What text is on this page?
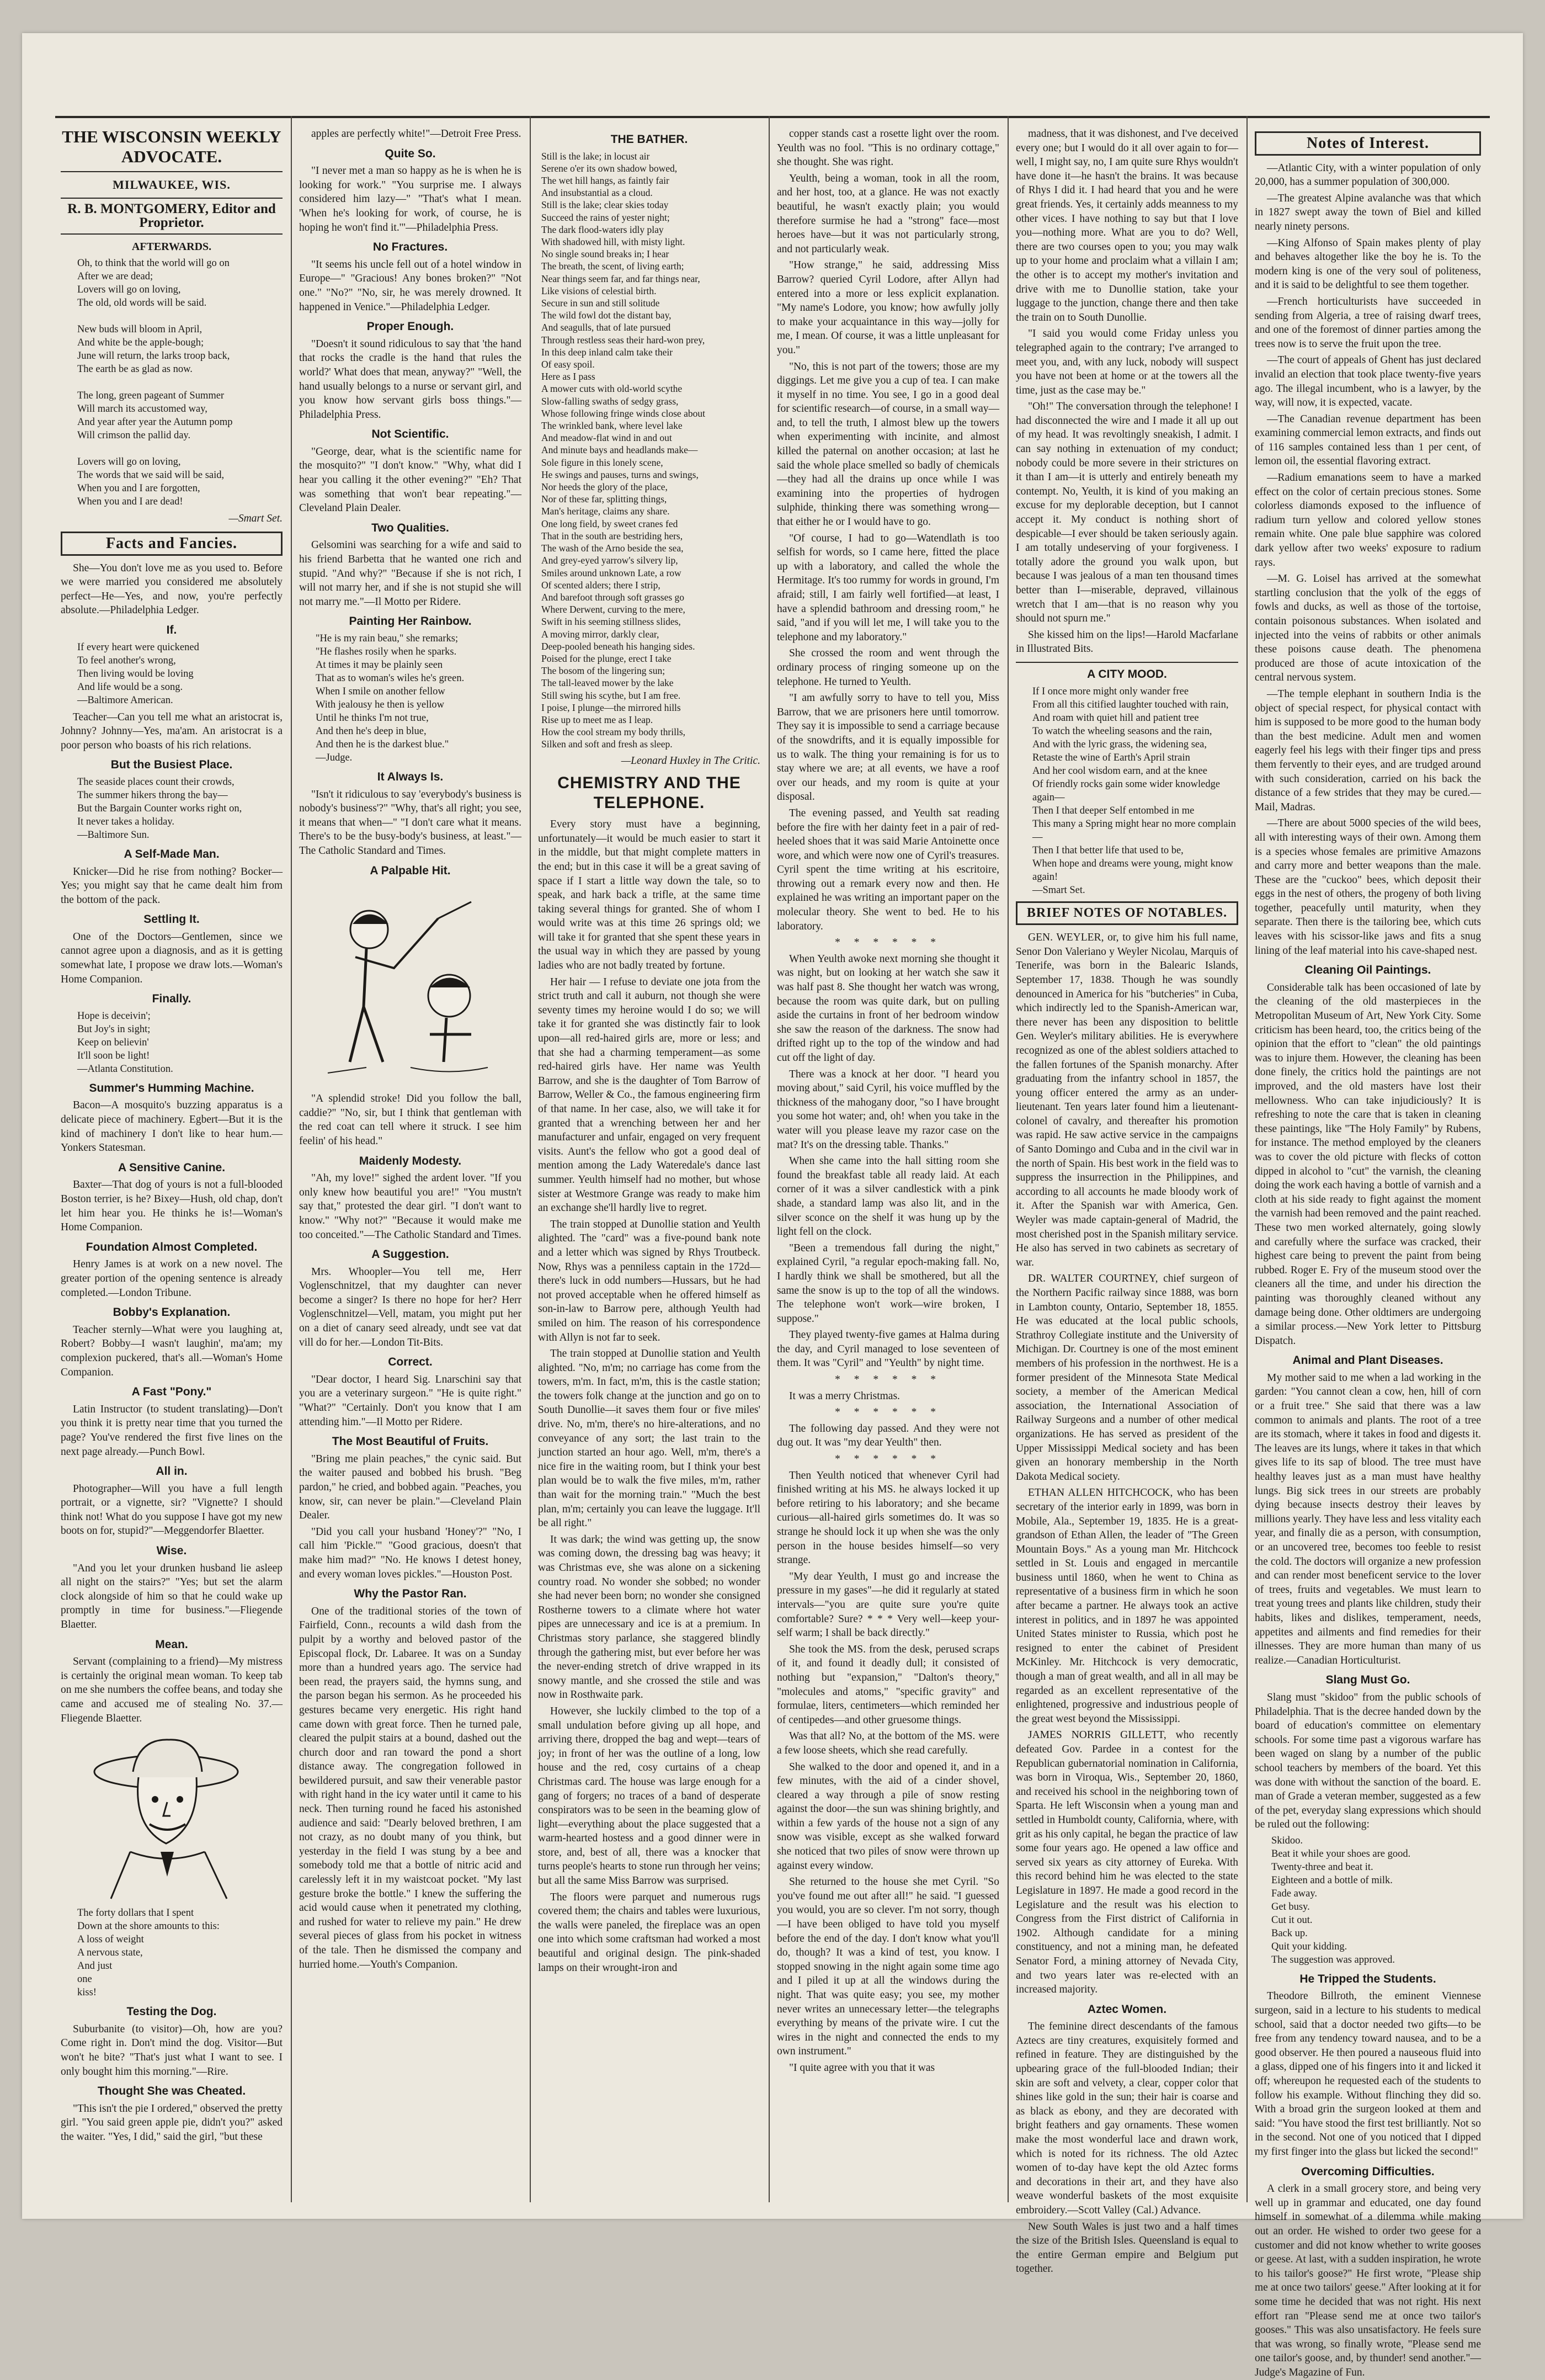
THE WISCONSIN WEEKLY ADVOCATE.
MILWAUKEE, WIS.
R. B. MONTGOMERY, Editor and Proprietor.
AFTERWARDS.

Oh, to think that the world will go on
After we are dead;
Lovers will go on loving,
The old, old words will be said.

New buds will bloom in April,
And white be the apple-bough;
June will return, the larks troop back,
The earth be as glad as now.

The long, green pageant of Summer
Will march its accustomed way,
And year after year the Autumn pomp
Will crimson the pallid day.

Lovers will go on loving,
The words that we said will be said,
When you and I are forgotten,
When you and I are dead!

—Smart Set.

Facts and Fancies.

She—You don't love me as you used to. Before we were married you considered me absolutely perfect—He—Yes, and now, you're perfectly absolute.—Philadelphia Ledger.

If.

If every heart were quickened
To feel another's wrong,
Then living would be loving
And life would be a song.
—Baltimore American.

Teacher—Can you tell me what an aristocrat is, Johnny? Johnny—Yes, ma'am. An aristocrat is a poor person who boasts of his rich relations.

But the Busiest Place.

The seaside places count their crowds,
The summer hikers throng the bay—
But the Bargain Counter works right on,
It never takes a holiday.
—Baltimore Sun.

A Self-Made Man.

Knicker—Did he rise from nothing? Bocker—Yes; you might say that he came dealt him from the bottom of the pack.

Settling It.

One of the Doctors—Gentlemen, since we cannot agree upon a diagnosis, and as it is getting somewhat late, I propose we draw lots.—Woman's Home Companion.

Finally.

Hope is deceivin';
But Joy's in sight;
Keep on believin'
It'll soon be light!
—Atlanta Constitution.

Summer's Humming Machine.

Bacon—A mosquito's buzzing apparatus is a delicate piece of machinery. Egbert—But it is the kind of machinery I don't like to hear hum.—Yonkers Statesman.

A Sensitive Canine.

Baxter—That dog of yours is not a full-blooded Boston terrier, is he? Bixey—Hush, old chap, don't let him hear you. He thinks he is!—Woman's Home Companion.

Foundation Almost Completed.

Henry James is at work on a new novel. The greater portion of the opening sentence is already completed.—London Tribune.

Bobby's Explanation.

Teacher sternly—What were you laughing at, Robert? Bobby—I wasn't laughin', ma'am; my complexion puckered, that's all.—Woman's Home Companion.

A Fast "Pony."

Latin Instructor (to student translating)—Don't you think it is pretty near time that you turned the page? You've rendered the first five lines on the next page already.—Punch Bowl.

All in.

Photographer—Will you have a full length portrait, or a vignette, sir? "Vignette? I should think not! What do you suppose I have got my new boots on for, stupid?"—Meggendorfer Blaetter.

Wise.

"And you let your drunken husband lie asleep all night on the stairs?" "Yes; but set the alarm clock alongside of him so that he could wake up promptly in time for business."—Fliegende Blaetter.

Mean.

Servant (complaining to a friend)—My mistress is certainly the original mean woman. To keep tab on me she numbers the coffee beans, and today she came and accused me of stealing No. 37.—Fliegende Blaetter.

The forty dollars that I spent
Down at the shore amounts to this:
A loss of weight
A nervous state,
And just
one
kiss!

Testing the Dog.

Suburbanite (to visitor)—Oh, how are you? Come right in. Don't mind the dog. Visitor—But won't he bite? "That's just what I want to see. I only bought him this morning."—Rire.

Thought She was Cheated.

"This isn't the pie I ordered," observed the pretty girl. "You said green apple pie, didn't you?" asked the waiter. "Yes, I did," said the girl, "but these

apples are perfectly white!"—Detroit Free Press.

Quite So.

"I never met a man so happy as he is when he is looking for work." "You surprise me. I always considered him lazy—" "That's what I mean. 'When he's looking for work, of course, he is hoping he won't find it.'"—Philadelphia Press.

No Fractures.

"It seems his uncle fell out of a hotel window in Europe—" "Gracious! Any bones broken?" "Not one." "No?" "No, sir, he was merely drowned. It happened in Venice."—Philadelphia Ledger.

Proper Enough.

"Doesn't it sound ridiculous to say that 'the hand that rocks the cradle is the hand that rules the world?' What does that mean, anyway?" "Well, the hand usually belongs to a nurse or servant girl, and you know how servant girls boss things."—Philadelphia Press.

Not Scientific.

"George, dear, what is the scientific name for the mosquito?" "I don't know." "Why, what did I hear you calling it the other evening?" "Eh? That was something that won't bear repeating."—Cleveland Plain Dealer.

Two Qualities.

Gelsomini was searching for a wife and said to his friend Barbetta that he wanted one rich and stupid. "And why?" "Because if she is not rich, I will not marry her, and if she is not stupid she will not marry me."—Il Motto per Ridere.

Painting Her Rainbow.

"He is my rain beau," she remarks;
"He flashes rosily when he sparks.
At times it may be plainly seen
That as to woman's wiles he's green.
When I smile on another fellow
With jealousy he then is yellow
Until he thinks I'm not true,
And then he's deep in blue,
And then he is the darkest blue."
—Judge.

It Always Is.

"Isn't it ridiculous to say 'everybody's business is nobody's business'?" "Why, that's all right; you see, it means that when—" "I don't care what it means. There's to be the busy-body's business, at least."—The Catholic Standard and Times.

A Palpable Hit.

"A splendid stroke! Did you follow the ball, caddie?" "No, sir, but I think that gentleman with the red coat can tell where it struck. I see him feelin' of his head."

Maidenly Modesty.

"Ah, my love!" sighed the ardent lover. "If you only knew how beautiful you are!" "You mustn't say that," protested the dear girl. "I don't want to know." "Why not?" "Because it would make me too conceited."—The Catholic Standard and Times.

A Suggestion.

Mrs. Whoopler—You tell me, Herr Voglenschnitzel, that my daughter can never become a singer? Is there no hope for her? Herr Voglenschnitzel—Vell, matam, you might put her on a diet of canary seed already, undt see vat dat vill do for her.—London Tit-Bits.

Correct.

"Dear doctor, I heard Sig. Lnarschini say that you are a veterinary surgeon." "He is quite right." "What?" "Certainly. Don't you know that I am attending him."—Il Motto per Ridere.

The Most Beautiful of Fruits.

"Bring me plain peaches," the cynic said. But the waiter paused and bobbed his brush. "Beg pardon," he cried, and bobbed again. "Peaches, you know, sir, can never be plain."—Cleveland Plain Dealer.

"Did you call your husband 'Honey'?" "No, I call him 'Pickle.'" "Good gracious, doesn't that make him mad?" "No. He knows I detest honey, and every woman loves pickles."—Houston Post.

Why the Pastor Ran.

One of the traditional stories of the town of Fairfield, Conn., recounts a wild dash from the pulpit by a worthy and beloved pastor of the Episcopal flock, Dr. Labaree. It was on a Sunday more than a hundred years ago. The service had been read, the prayers said, the hymns sung, and the parson began his sermon. As he proceeded his gestures became very energetic. His right hand came down with great force. Then he turned pale, cleared the pulpit stairs at a bound, dashed out the church door and ran toward the pond a short distance away. The congregation followed in bewildered pursuit, and saw their venerable pastor with right hand in the icy water until it came to his neck. Then turning round he faced his astonished audience and said: "Dearly beloved brethren, I am not crazy, as no doubt many of you think, but yesterday in the field I was stung by a bee and somebody told me that a bottle of nitric acid and carelessly left it in my waistcoat pocket. "My last gesture broke the bottle." I knew the suffering the acid would cause when it penetrated my clothing, and rushed for water to relieve my pain." He drew several pieces of glass from his pocket in witness of the tale. Then he dismissed the company and hurried home.—Youth's Companion.

THE BATHER.

Still is the lake; in locust air
Serene o'er its own shadow bowed,
The wet hill hangs, as faintly fair
And insubstantial as a cloud.
Still is the lake; clear skies today
Succeed the rains of yester night;
The dark flood-waters idly play
With shadowed hill, with misty light.
No single sound breaks in; I hear
The breath, the scent, of living earth;
Near things seem far, and far things near,
Like visions of celestial birth.
Secure in sun and still solitude
The wild fowl dot the distant bay,
And seagulls, that of late pursued
Through restless seas their hard-won prey,
In this deep inland calm take their
Of easy spoil.
Here as I pass
A mower cuts with old-world scythe
Slow-falling swaths of sedgy grass,
Whose following fringe winds close about
The wrinkled bank, where level lake
And meadow-flat wind in and out
And minute bays and headlands make—
Sole figure in this lonely scene,
He swings and pauses, turns and swings,
Nor heeds the glory of the place,
Nor of these far, splitting things,
Man's heritage, claims any share.
One long field, by sweet cranes fed
That in the south are bestriding hers,
The wash of the Arno beside the sea,
And grey-eyed yarrow's silvery lip,
Smiles around unknown Late, a row
Of scented alders; there I strip,
And barefoot through soft grasses go
Where Derwent, curving to the mere,
Swift in his seeming stillness slides,
A moving mirror, darkly clear,
Deep-pooled beneath his hanging sides.
Poised for the plunge, erect I take
The bosom of the lingering sun;
The tall-leaved mower by the lake
Still swing his scythe, but I am free.
I poise, I plunge—the mirrored hills
Rise up to meet me as I leap.
How the cool stream my body thrills,
Silken and soft and fresh as sleep.

—Leonard Huxley in The Critic.

CHEMISTRY AND THE TELEPHONE.

Every story must have a beginning, unfortunately—it would be much easier to start it in the middle, but that might complete matters in the end; but in this case it will be a great saving of space if I start a little way down the tale, so to speak, and hark back a trifle, at the same time taking several things for granted. She of whom I would write was at this time 26 springs old; we will take it for granted that she spent these years in the usual way in which they are passed by young ladies who are not badly treated by fortune.

Her hair — I refuse to deviate one jota from the strict truth and call it auburn, not though she were seventy times my heroine would I do so; we will take it for granted she was distinctly fair to look upon—all red-haired girls are, more or less; and that she had a charming temperament—as some red-haired girls have. Her name was Yeulth Barrow, and she is the daughter of Tom Barrow of Barrow, Weller & Co., the famous engineering firm of that name. In her case, also, we will take it for granted that a wrenching between her and her manufacturer and unfair, engaged on very frequent visits. Aunt's the fellow who got a good deal of mention among the Lady Wateredale's dance last summer. Yeulth himself had no mother, but whose sister at Westmore Grange was ready to make him an exchange she'll hardly live to regret.

The train stopped at Dunollie station and Yeulth alighted. The "card" was a five-pound bank note and a letter which was signed by Rhys Troutbeck. Now, Rhys was a penniless captain in the 172d—there's luck in odd numbers—Hussars, but he had not proved acceptable when he offered himself as son-in-law to Barrow pere, although Yeulth had smiled on him. The reason of his correspondence with Allyn is not far to seek.

The train stopped at Dunollie station and Yeulth alighted. "No, m'm; no carriage has come from the towers, m'm. In fact, m'm, this is the castle station; the towers folk change at the junction and go on to South Dunollie—it saves them four or five miles' drive. No, m'm, there's no hire-alterations, and no conveyance of any sort; the last train to the junction started an hour ago. Well, m'm, there's a nice fire in the waiting room, but I think your best plan would be to walk the five miles, m'm, rather than wait for the morning train." "Much the best plan, m'm; certainly you can leave the luggage. It'll be all right."

It was dark; the wind was getting up, the snow was coming down, the dressing bag was heavy; it was Christmas eve, she was alone on a sickening country road. No wonder she sobbed; no wonder she had never been born; no wonder she consigned Rostherne towers to a climate where hot water pipes are unnecessary and ice is at a premium. In Christmas story parlance, she staggered blindly through the gathering mist, but ever before her was the never-ending stretch of drive wrapped in its snowy mantle, and she crossed the stile and was now in Rosthwaite park.

However, she luckily climbed to the top of a small undulation before giving up all hope, and arriving there, dropped the bag and wept—tears of joy; in front of her was the outline of a long, low house and the red, cosy curtains of a cheap Christmas card. The house was large enough for a gang of forgers; no traces of a band of desperate conspirators was to be seen in the beaming glow of light—everything about the place suggested that a warm-hearted hostess and a good dinner were in store, and, best of all, there was a knocker that turns people's hearts to stone run through her veins; but all the same Miss Barrow was surprised.

The floors were parquet and numerous rugs covered them; the chairs and tables were luxurious, the walls were paneled, the fireplace was an open one into which some craftsman had worked a most beautiful and original design. The pink-shaded lamps on their wrought-iron and

copper stands cast a rosette light over the room. Yeulth was no fool. "This is no ordinary cottage," she thought. She was right.

Yeulth, being a woman, took in all the room, and her host, too, at a glance. He was not exactly beautiful, he wasn't exactly plain; you would therefore surmise he had a "strong" face—most heroes have—but it was not particularly strong, and not particularly weak.

"How strange," he said, addressing Miss Barrow? queried Cyril Lodore, after Allyn had entered into a more or less explicit explanation. "My name's Lodore, you know; how awfully jolly to make your acquaintance in this way—jolly for me, I mean. Of course, it was a little unpleasant for you."

"No, this is not part of the towers; those are my diggings. Let me give you a cup of tea. I can make it myself in no time. You see, I go in a good deal for scientific research—of course, in a small way—and, to tell the truth, I almost blew up the towers when experimenting with incinite, and almost killed the paternal on another occasion; at last he said the whole place smelled so badly of chemicals—they had all the drains up once while I was examining into the properties of hydrogen sulphide, thinking there was something wrong—that either he or I would have to go.

"Of course, I had to go—Watendlath is too selfish for words, so I came here, fitted the place up with a laboratory, and called the whole the Hermitage. It's too rummy for words in ground, I'm afraid; still, I am fairly well fortified—at least, I have a splendid bathroom and dressing room," he said, "and if you will let me, I will take you to the telephone and my laboratory."

She crossed the room and went through the ordinary process of ringing someone up on the telephone. He turned to Yeulth.

"I am awfully sorry to have to tell you, Miss Barrow, that we are prisoners here until tomorrow. They say it is impossible to send a carriage because of the snowdrifts, and it is equally impossible for us to walk. The thing your remaining is for us to stay where we are; at all events, we have a roof over our heads, and my room is quite at your disposal.

The evening passed, and Yeulth sat reading before the fire with her dainty feet in a pair of red-heeled shoes that it was said Marie Antoinette once wore, and which were now one of Cyril's treasures. Cyril spent the time writing at his escritoire, throwing out a remark every now and then. He explained he was writing an important paper on the molecular theory. She went to bed. He to his laboratory.

* * * * * *

When Yeulth awoke next morning she thought it was night, but on looking at her watch she saw it was half past 8. She thought her watch was wrong, because the room was quite dark, but on pulling aside the curtains in front of her bedroom window she saw the reason of the darkness. The snow had drifted right up to the top of the window and had cut off the light of day.

There was a knock at her door. "I heard you moving about," said Cyril, his voice muffled by the thickness of the mahogany door, "so I have brought you some hot water; and, oh! when you take in the water will you please leave my razor case on the mat? It's on the dressing table. Thanks."

When she came into the hall sitting room she found the breakfast table all ready laid. At each corner of it was a silver candlestick with a pink shade, a standard lamp was also lit, and in the silver sconce on the shelf it was hung up by the light fell on the clock.

"Been a tremendous fall during the night," explained Cyril, "a regular epoch-making fall. No, I hardly think we shall be smothered, but all the same the snow is up to the top of all the windows. The telephone won't work—wire broken, I suppose."

They played twenty-five games at Halma during the day, and Cyril managed to lose seventeen of them. It was "Cyril" and "Yeulth" by night time.

* * * * * *

It was a merry Christmas.

* * * * * *

The following day passed. And they were not dug out. It was "my dear Yeulth" then.

* * * * * *

Then Yeulth noticed that whenever Cyril had finished writing at his MS. he always locked it up before retiring to his laboratory; and she became curious—all-haired girls sometimes do. It was so strange he should lock it up when she was the only person in the house besides himself—so very strange.

"My dear Yeulth, I must go and increase the pressure in my gases"—he did it regularly at stated intervals—"you are quite sure you're quite comfortable? Sure? * * * Very well—keep your-self warm; I shall be back directly."

She took the MS. from the desk, perused scraps of it, and found it deadly dull; it consisted of nothing but "expansion," "Dalton's theory," "molecules and atoms," "specific gravity" and formulae, liters, centimeters—which reminded her of centipedes—and other gruesome things.

Was that all? No, at the bottom of the MS. were a few loose sheets, which she read carefully.

She walked to the door and opened it, and in a few minutes, with the aid of a cinder shovel, cleared a way through a pile of snow resting against the door—the sun was shining brightly, and within a few yards of the house not a sign of any snow was visible, except as she walked forward she noticed that two piles of snow were thrown up against every window.

She returned to the house she met Cyril. "So you've found me out after all!" he said. "I guessed you would, you are so clever. I'm not sorry, though—I have been obliged to have told you myself before the end of the day. I don't know what you'll do, though? It was a kind of test, you know. I stopped snowing in the night again some time ago and I piled it up at all the windows during the night. That was quite easy; you see, my mother never writes an unnecessary letter—the telegraphs everything by means of the private wire. I cut the wires in the night and connected the ends to my own instrument."

"I quite agree with you that it was

madness, that it was dishonest, and I've deceived every one; but I would do it all over again to for—well, I might say, no, I am quite sure Rhys wouldn't have done it—he hasn't the brains. It was because of Rhys I did it. I had heard that you and he were great friends. Yes, it certainly adds meanness to my other vices. I have nothing to say but that I love you—nothing more. What are you to do? Well, there are two courses open to you; you may walk up to your home and proclaim what a villain I am; the other is to accept my mother's invitation and drive with me to Dunollie station, take your luggage to the junction, change there and then take the train on to South Dunollie.

"I said you would come Friday unless you telegraphed again to the contrary; I've arranged to meet you, and, with any luck, nobody will suspect you have not been at home or at the towers all the time, just as the case may be."

"Oh!" The conversation through the telephone! I had disconnected the wire and I made it all up out of my head. It was revoltingly sneakish, I admit. I can say nothing in extenuation of my conduct; nobody could be more severe in their strictures on it than I am—it is utterly and entirely beneath my contempt. No, Yeulth, it is kind of you making an excuse for my deplorable deception, but I cannot accept it. My conduct is nothing short of despicable—I ever should be taken seriously again. I am totally undeserving of your forgiveness. I totally adore the ground you walk upon, but because I was jealous of a man ten thousand times better than I—miserable, depraved, villainous wretch that I am—that is no reason why you should not spurn me."

She kissed him on the lips!—Harold Macfarlane in Illustrated Bits.

A CITY MOOD.

If I once more might only wander free
From all this citified laughter touched with rain,
And roam with quiet hill and patient tree
To watch the wheeling seasons and the rain,
And with the lyric grass, the widening sea,
Retaste the wine of Earth's April strain
And her cool wisdom earn, and at the knee
Of friendly rocks gain some wider knowledge again—
Then I that deeper Self entombed in me
This many a Spring might hear no more complain—
Then I that better life that used to be,
When hope and dreams were young, might know again!
—Smart Set.

BRIEF NOTES OF NOTABLES.

GEN. WEYLER, or, to give him his full name, Senor Don Valeriano y Weyler Nicolau, Marquis of Tenerife, was born in the Balearic Islands, September 17, 1838. Though he was soundly denounced in America for his "butcheries" in Cuba, which indirectly led to the Spanish-American war, there never has been any disposition to belittle Gen. Weyler's military abilities. He is everywhere recognized as one of the ablest soldiers attached to the fallen fortunes of the Spanish monarchy. After graduating from the infantry school in 1857, the young officer entered the army as an under-lieutenant. Ten years later found him a lieutenant-colonel of cavalry, and thereafter his promotion was rapid. He saw active service in the campaigns of Santo Domingo and Cuba and in the civil war in the north of Spain. His best work in the field was to suppress the insurrection in the Philippines, and according to all accounts he made bloody work of it. After the Spanish war with America, Gen. Weyler was made captain-general of Madrid, the most cherished post in the Spanish military service. He also has served in two cabinets as secretary of war.

DR. WALTER COURTNEY, chief surgeon of the Northern Pacific railway since 1888, was born in Lambton county, Ontario, September 18, 1855. He was educated at the local public schools, Strathroy Collegiate institute and the University of Michigan. Dr. Courtney is one of the most eminent members of his profession in the northwest. He is a former president of the Minnesota State Medical society, a member of the American Medical association, the International Association of Railway Surgeons and a number of other medical organizations. He has served as president of the Upper Mississippi Medical society and has been given an honorary membership in the North Dakota Medical society.

ETHAN ALLEN HITCHCOCK, who has been secretary of the interior early in 1899, was born in Mobile, Ala., September 19, 1835. He is a great-grandson of Ethan Allen, the leader of "The Green Mountain Boys." As a young man Mr. Hitchcock settled in St. Louis and engaged in mercantile business until 1860, when he went to China as representative of a business firm in which he soon after became a partner. He always took an active interest in politics, and in 1897 he was appointed United States minister to Russia, which post he resigned to enter the cabinet of President McKinley. Mr. Hitchcock is very democratic, though a man of great wealth, and all in all may be regarded as an excellent representative of the enlightened, progressive and industrious people of the great west beyond the Mississippi.

JAMES NORRIS GILLETT, who recently defeated Gov. Pardee in a contest for the Republican gubernatorial nomination in California, was born in Viroqua, Wis., September 20, 1860, and received his school in the neighboring town of Sparta. He left Wisconsin when a young man and settled in Humboldt county, California, where, with grit as his only capital, he began the practice of law some four years ago. He opened a law office and served six years as city attorney of Eureka. With this record behind him he was elected to the state Legislature in 1897. He made a good record in the Legislature and the result was his election to Congress from the First district of California in 1902. Although candidate for a mining constituency, and not a mining man, he defeated Senator Ford, a mining attorney of Nevada City, and two years later was re-elected with an increased majority.

Aztec Women.

The feminine direct descendants of the famous Aztecs are tiny creatures, exquisitely formed and refined in feature. They are distinguished by the upbearing grace of the full-blooded Indian; their skin are soft and velvety, a clear, copper color that shines like gold in the sun; their hair is coarse and as black as ebony, and they are decorated with bright feathers and gay ornaments. These women make the most wonderful lace and drawn work, which is noted for its richness. The old Aztec women of to-day have kept the old Aztec forms and decorations in their art, and they have also weave wonderful baskets of the most exquisite embroidery.—Scott Valley (Cal.) Advance.

New South Wales is just two and a half times the size of the British Isles. Queensland is equal to the entire German empire and Belgium put together.

Notes of Interest.

—Atlantic City, with a winter population of only 20,000, has a summer population of 300,000.

—The greatest Alpine avalanche was that which in 1827 swept away the town of Biel and killed nearly ninety persons.

—King Alfonso of Spain makes plenty of play and behaves altogether like the boy he is. To the modern king is one of the very soul of politeness, and it is said to be delightful to see them together.

—French horticulturists have succeeded in sending from Algeria, a tree of raising dwarf trees, and one of the foremost of dinner parties among the trees now is to serve the fruit upon the tree.

—The court of appeals of Ghent has just declared invalid an election that took place twenty-five years ago. The illegal incumbent, who is a lawyer, by the way, will now, it is expected, vacate.

—The Canadian revenue department has been examining commercial lemon extracts, and finds out of 116 samples contained less than 1 per cent, of lemon oil, the essential flavoring extract.

—Radium emanations seem to have a marked effect on the color of certain precious stones. Some colorless diamonds exposed to the influence of radium turn yellow and colored yellow stones remain white. One pale blue sapphire was colored dark yellow after two weeks' exposure to radium rays.

—M. G. Loisel has arrived at the somewhat startling conclusion that the yolk of the eggs of fowls and ducks, as well as those of the tortoise, contain poisonous substances. When isolated and injected into the veins of rabbits or other animals these poisons cause death. The phenomena produced are those of acute intoxication of the central nervous system.

—The temple elephant in southern India is the object of special respect, for physical contact with him is supposed to be more good to the human body than the best medicine. Adult men and women eagerly feel his legs with their finger tips and press them fervently to their eyes, and are trudged around with such consideration, carried on his back the distance of a few strides that they may be cured.—Mail, Madras.

—There are about 5000 species of the wild bees, all with interesting ways of their own. Among them is a species whose females are primitive Amazons and carry more and better weapons than the male. These are the "cuckoo" bees, which deposit their eggs in the nest of others, the progeny of both living together, peacefully until maturity, when they separate. Then there is the tailoring bee, which cuts leaves with his scissor-like jaws and fits a snug lining of the leaf material into his cave-shaped nest.

Cleaning Oil Paintings.

Considerable talk has been occasioned of late by the cleaning of the old masterpieces in the Metropolitan Museum of Art, New York City. Some criticism has been heard, too, the critics being of the opinion that the effort to "clean" the old paintings was to injure them. However, the cleaning has been done finely, the critics hold the paintings are not improved, and the old masters have lost their mellowness. Who can take injudiciously? It is refreshing to note the care that is taken in cleaning these paintings, like "The Holy Family" by Rubens, for instance. The method employed by the cleaners was to cover the old picture with flecks of cotton dipped in alcohol to "cut" the varnish, the cleaning doing the work each having a bottle of varnish and a cloth at his side ready to fight against the moment the varnish had been removed and the paint reached. These two men worked alternately, going slowly and carefully where the surface was cracked, their highest care being to prevent the paint from being rubbed. Roger E. Fry of the museum stood over the cleaners all the time, and under his direction the painting was thoroughly cleaned without any damage being done. Other oldtimers are undergoing a similar process.—New York letter to Pittsburg Dispatch.

Animal and Plant Diseases.

My mother said to me when a lad working in the garden: "You cannot clean a cow, hen, hill of corn or a fruit tree." She said that there was a law common to animals and plants. The root of a tree are its stomach, where it takes in food and digests it. The leaves are its lungs, where it takes in that which gives life to its sap of blood. The tree must have healthy leaves just as a man must have healthy lungs. Big sick trees in our streets are probably dying because insects destroy their leaves by millions yearly. They have less and less vitality each year, and finally die as a person, with consumption, or an uncovered tree, becomes too feeble to resist the cold. The doctors will organize a new profession and can render most beneficent service to the lover of trees, fruits and vegetables. We must learn to treat young trees and plants like children, study their habits, likes and dislikes, temperament, needs, appetites and ailments and find remedies for their illnesses. They are more human than many of us realize.—Canadian Horticulturist.

Slang Must Go.

Slang must "skidoo" from the public schools of Philadelphia. That is the decree handed down by the board of education's committee on elementary schools. For some time past a vigorous warfare has been waged on slang by a number of the public school teachers by members of the board. Yet this was done with without the sanction of the board. E. man of Grade a veteran member, suggested as a few of the pet, everyday slang expressions which should be ruled out the following:

Skidoo.
Beat it while your shoes are good.
Twenty-three and beat it.
Eighteen and a bottle of milk.
Fade away.
Get busy.
Cut it out.
Back up.
Quit your kidding.
The suggestion was approved.

He Tripped the Students.

Theodore Billroth, the eminent Viennese surgeon, said in a lecture to his students to medical school, said that a doctor needed two gifts—to be free from any tendency toward nausea, and to be a good observer. He then poured a nauseous fluid into a glass, dipped one of his fingers into it and licked it off; whereupon he requested each of the students to follow his example. Without flinching they did so. With a broad grin the surgeon looked at them and said: "You have stood the first test brilliantly. Not so in the second. Not one of you noticed that I dipped my first finger into the glass but licked the second!"

Overcoming Difficulties.

A clerk in a small grocery store, and being very well up in grammar and educated, one day found himself in somewhat of a dilemma while making out an order. He wished to order two geese for a customer and did not know whether to write gooses or geese. At last, with a sudden inspiration, he wrote to his tailor's goose?" He first wrote, "Please ship me at once two tailors' geese." After looking at it for some time he decided that was not right. His next effort ran "Please send me at once two tailor's gooses." This was also unsatisfactory. He feels sure that was wrong, so finally wrote, "Please send me one tailor's goose, and, by thunder! send another."—Judge's Magazine of Fun.
